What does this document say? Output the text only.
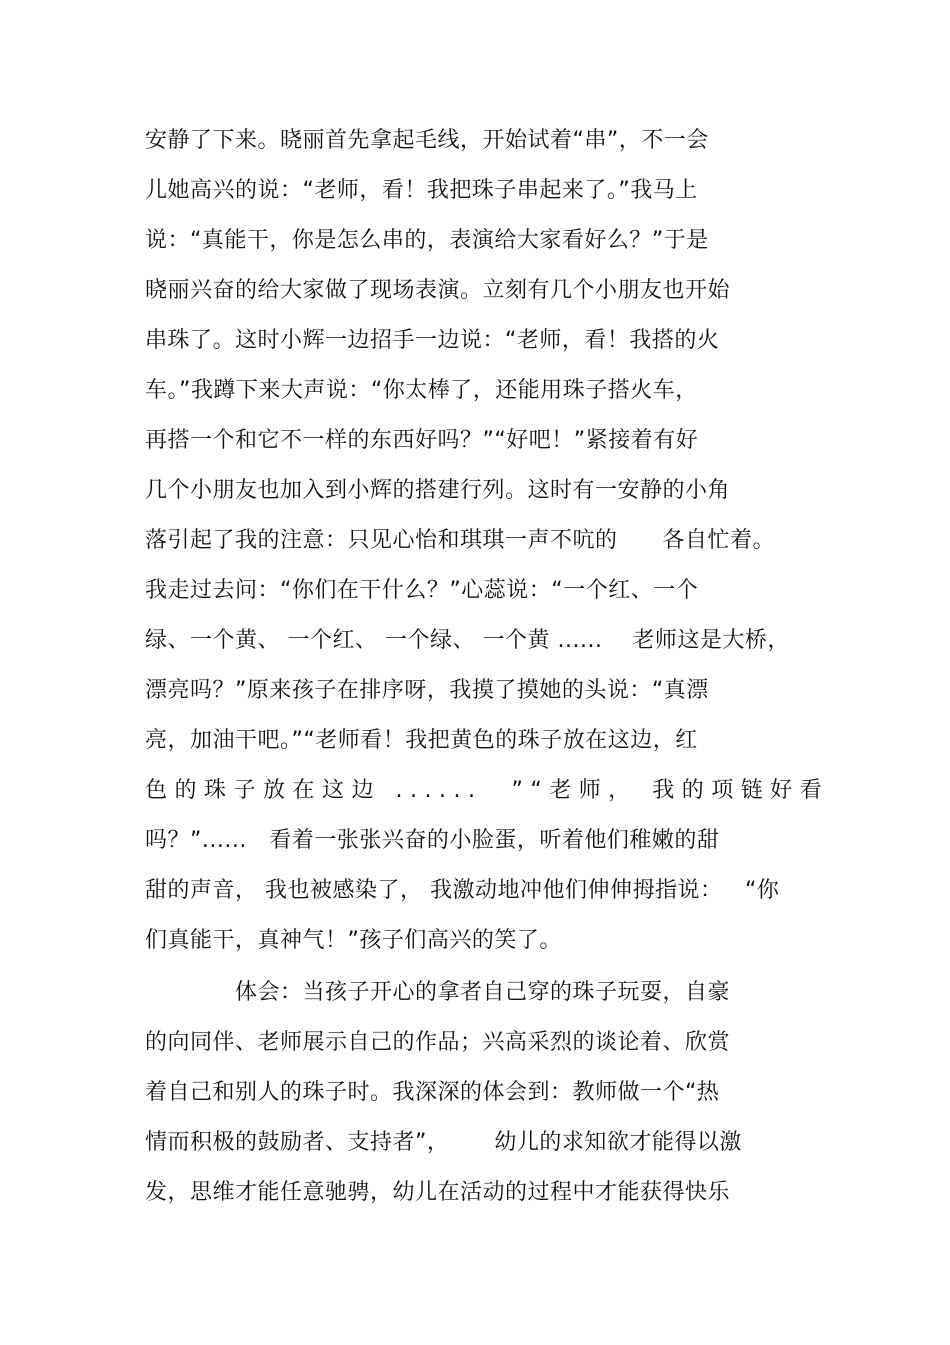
安静了下来。晓丽首先拿起毛线，开始试着“串”，不一会
儿她高兴的说：“老师，看！我把珠子串起来了。”我马上
说：“真能干，你是怎么串的，表演给大家看好么？”于是
晓丽兴奋的给大家做了现场表演。立刻有几个小朋友也开始
串珠了。这时小辉一边招手一边说：“老师，看！我搭的火
车。”我蹲下来大声说：“你太棒了，还能用珠子搭火车，
再搭一个和它不一样的东西好吗？”“好吧！”紧接着有好
几个小朋友也加入到小辉的搭建行列。这时有一安静的小角
落引起了我的注意：只见心怡和琪琪一声不吭的      各自忙着。
我走过去问：“你们在干什么？”心蕊说：“一个红、一个
绿、一个黄、 一个红、 一个绿、 一个黄 ......    老师这是大桥，
漂亮吗？”原来孩子在排序呀，我摸了摸她的头说：“真漂
亮，加油干吧。”“老师看！我把黄色的珠子放在这边，红
色的珠子放在这边 ......  ”“老师， 我的项链好看
吗？”......   看着一张张兴奋的小脸蛋，听着他们稚嫩的甜
甜的声音， 我也被感染了， 我激动地冲他们伸伸拇指说：   “你
们真能干，真神气！”孩子们高兴的笑了。
体会：当孩子开心的拿者自己穿的珠子玩耍，自豪
的向同伴、老师展示自己的作品；兴高采烈的谈论着、欣赏
着自己和别人的珠子时。我深深的体会到：教师做一个“热
情而积极的鼓励者、支持者”，      幼儿的求知欲才能得以激
发，思维才能任意驰骋，幼儿在活动的过程中才能获得快乐
